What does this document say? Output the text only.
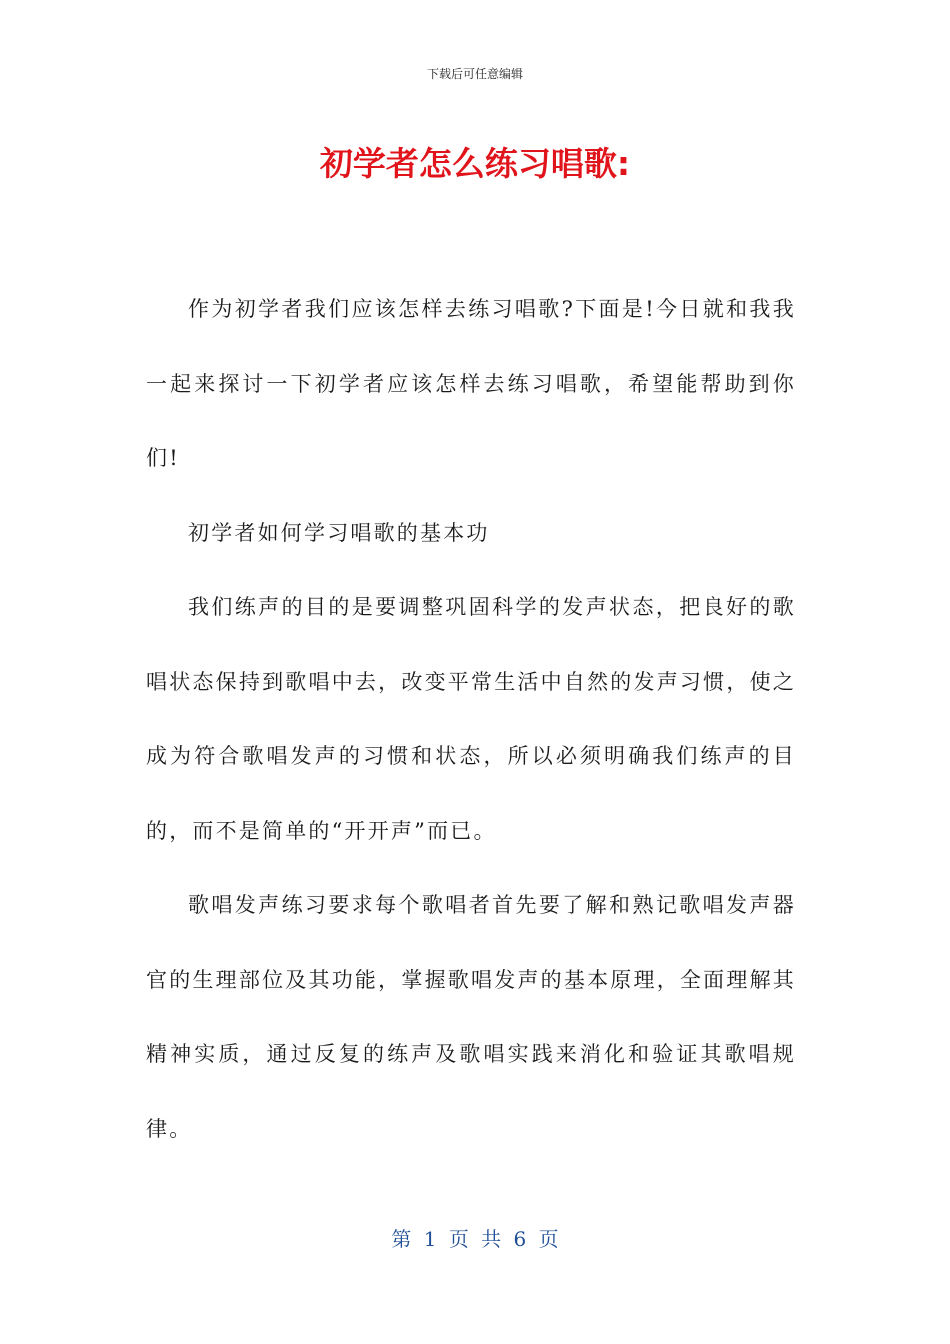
下载后可任意编辑
初学者怎么练习唱歌:

作为初学者我们应该怎样去练习唱歌?下面是!今日就和我我一起来探讨一下初学者应该怎样去练习唱歌，希望能帮助到你们!

初学者如何学习唱歌的基本功

我们练声的目的是要调整巩固科学的发声状态，把良好的歌唱状态保持到歌唱中去，改变平常生活中自然的发声习惯，使之成为符合歌唱发声的习惯和状态，所以必须明确我们练声的目的，而不是简单的“开开声”而已。

歌唱发声练习要求每个歌唱者首先要了解和熟记歌唱发声器官的生理部位及其功能，掌握歌唱发声的基本原理，全面理解其精神实质，通过反复的练声及歌唱实践来消化和验证其歌唱规律。

第 1 页 共 6 页
